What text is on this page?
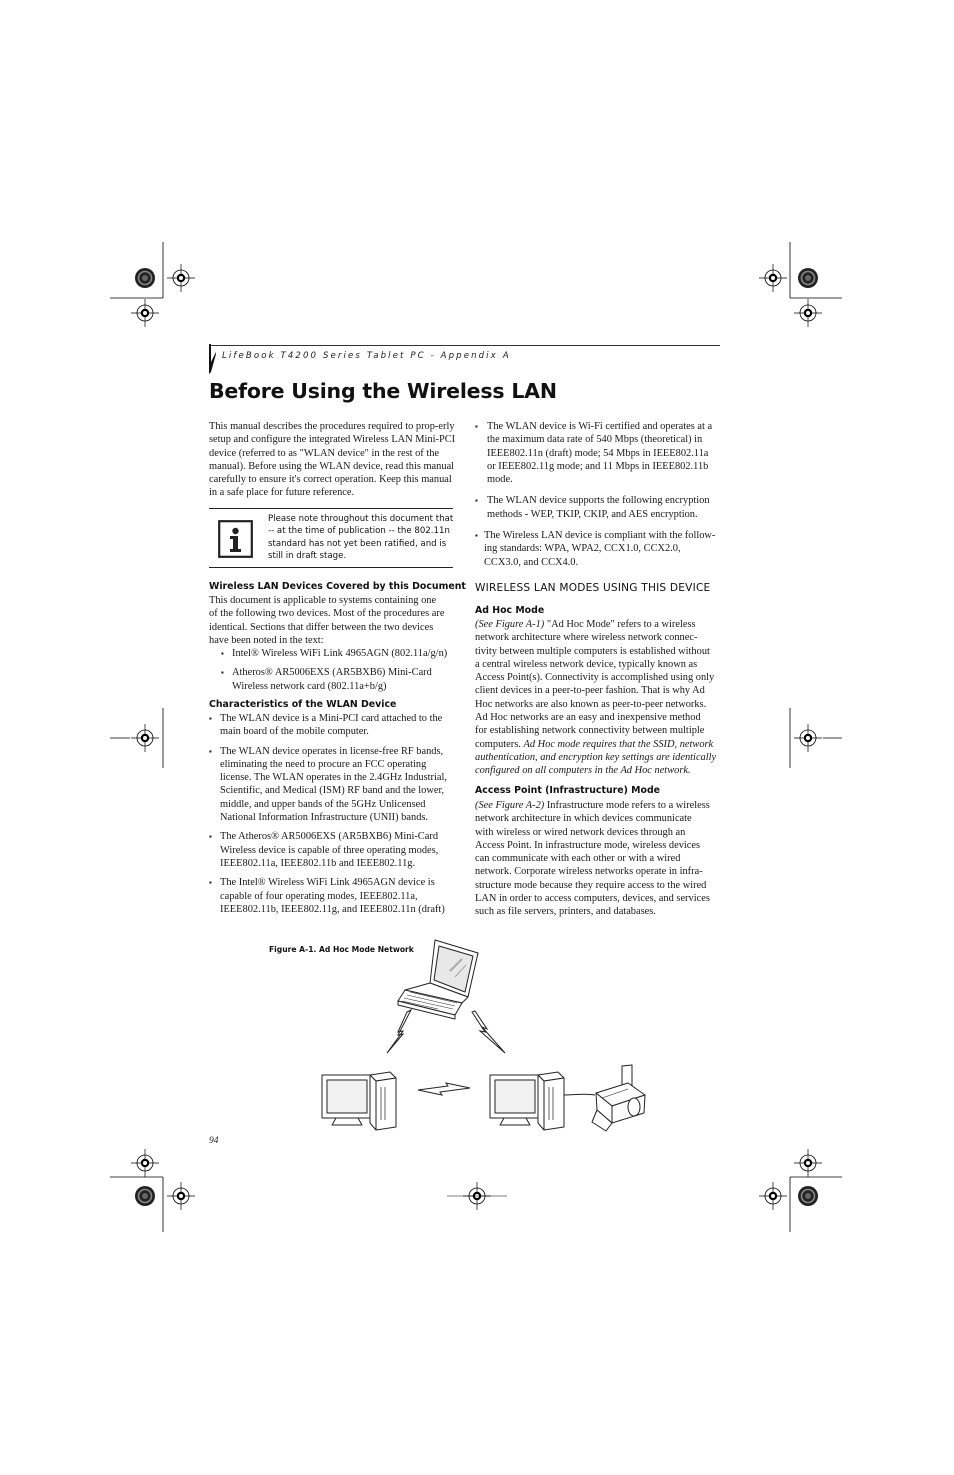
LifeBook T4200 Series Tablet PC - Appendix A
Before Using the Wireless LAN

This manual describes the procedures required to prop-erly setup and configure the integrated Wireless LAN Mini-PCI device (referred to as "WLAN device" in the rest of the manual). Before using the WLAN device, read this manual carefully to ensure it's correct operation. Keep this manual in a safe place for future reference.

Please note throughout this document that
-- at the time of publication -- the 802.11n
standard has not yet been ratified, and is
still in draft stage.
Wireless LAN Devices Covered by this Document
This document is applicable to systems containing one
of the following two devices. Most of the procedures are
identical. Sections that differ between the two devices
have been noted in the text:
▪ Intel® Wireless WiFi Link 4965AGN (802.11a/g/n)
▪ Atheros® AR5006EXS (AR5BXB6) Mini-Card
Wireless network card (802.11a+b/g)
Characteristics of the WLAN Device
▪ The WLAN device is a Mini-PCI card attached to the
main board of the mobile computer.
▪ The WLAN device operates in license-free RF bands,
eliminating the need to procure an FCC operating
license. The WLAN operates in the 2.4GHz Industrial,
Scientific, and Medical (ISM) RF band and the lower,
middle, and upper bands of the 5GHz Unlicensed
National Information Infrastructure (UNII) bands.
▪ The Atheros® AR5006EXS (AR5BXB6) Mini-Card
Wireless device is capable of three operating modes,
IEEE802.11a, IEEE802.11b and IEEE802.11g.
▪ The Intel® Wireless WiFi Link 4965AGN device is
capable of four operating modes, IEEE802.11a,
IEEE802.11b, IEEE802.11g, and IEEE802.11n (draft)
▪ The WLAN device is Wi-Fi certified and operates at a
the maximum data rate of 540 Mbps (theoretical) in
IEEE802.11n (draft) mode; 54 Mbps in IEEE802.11a
or IEEE802.11g mode; and 11 Mbps in IEEE802.11b
mode.
▪ The WLAN device supports the following encryption
methods - WEP, TKIP, CKIP, and AES encryption.
▪ The Wireless LAN device is compliant with the follow-
ing standards: WPA, WPA2, CCX1.0, CCX2.0,
CCX3.0, and CCX4.0.
WIRELESS LAN MODES USING THIS DEVICE
Ad Hoc Mode
(See Figure A-1) "Ad Hoc Mode" refers to a wireless
network architecture where wireless network connec-
tivity between multiple computers is established without
a central wireless network device, typically known as
Access Point(s). Connectivity is accomplished using only
client devices in a peer-to-peer fashion. That is why Ad
Hoc networks are also known as peer-to-peer networks.
Ad Hoc networks are an easy and inexpensive method
for establishing network connectivity between multiple
computers. Ad Hoc mode requires that the SSID, network
authentication, and encryption key settings are identically
configured on all computers in the Ad Hoc network.
Access Point (Infrastructure) Mode
(See Figure A-2) Infrastructure mode refers to a wireless
network architecture in which devices communicate
with wireless or wired network devices through an
Access Point. In infrastructure mode, wireless devices
can communicate with each other or with a wired
network. Corporate wireless networks operate in infra-
structure mode because they require access to the wired
LAN in order to access computers, devices, and services
such as file servers, printers, and databases.
Figure A-1. Ad Hoc Mode Network
94
